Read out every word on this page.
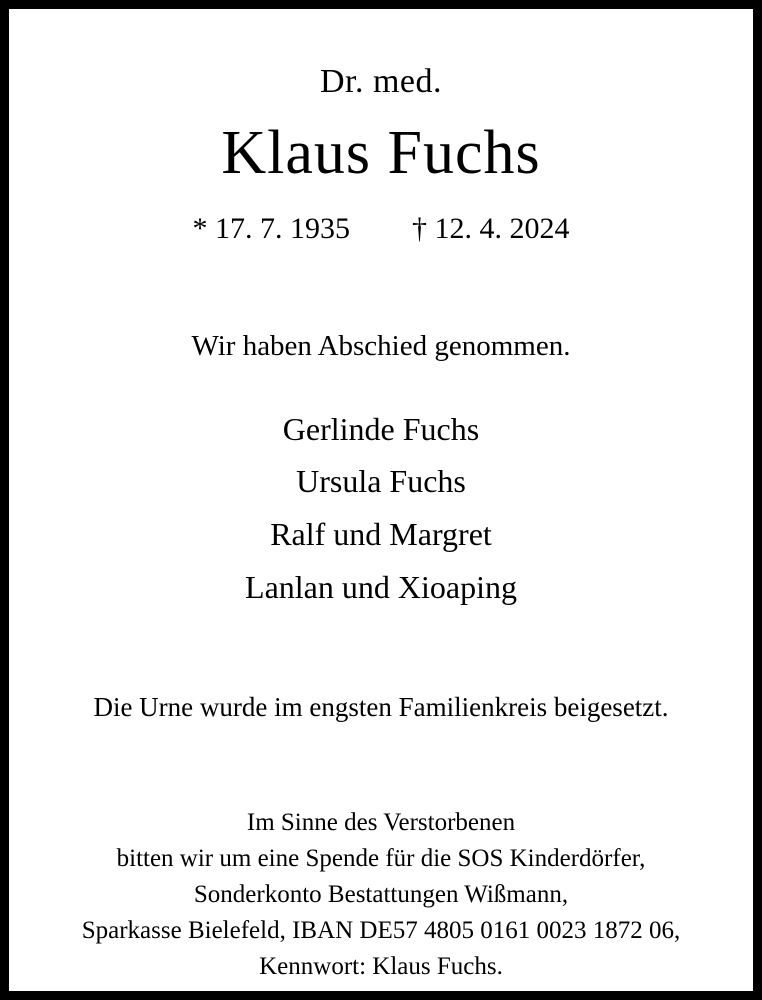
Dr. med.
Klaus Fuchs
* 17. 7. 1935 † 12. 4. 2024
Wir haben Abschied genommen.
Gerlinde Fuchs
Ursula Fuchs
Ralf und Margret
Lanlan und Xioaping
Die Urne wurde im engsten Familienkreis beigesetzt.
Im Sinne des Verstorbenen
bitten wir um eine Spende für die SOS Kinderdörfer,
Sonderkonto Bestattungen Wißmann,
Sparkasse Bielefeld, IBAN DE57 4805 0161 0023 1872 06,
Kennwort: Klaus Fuchs.
